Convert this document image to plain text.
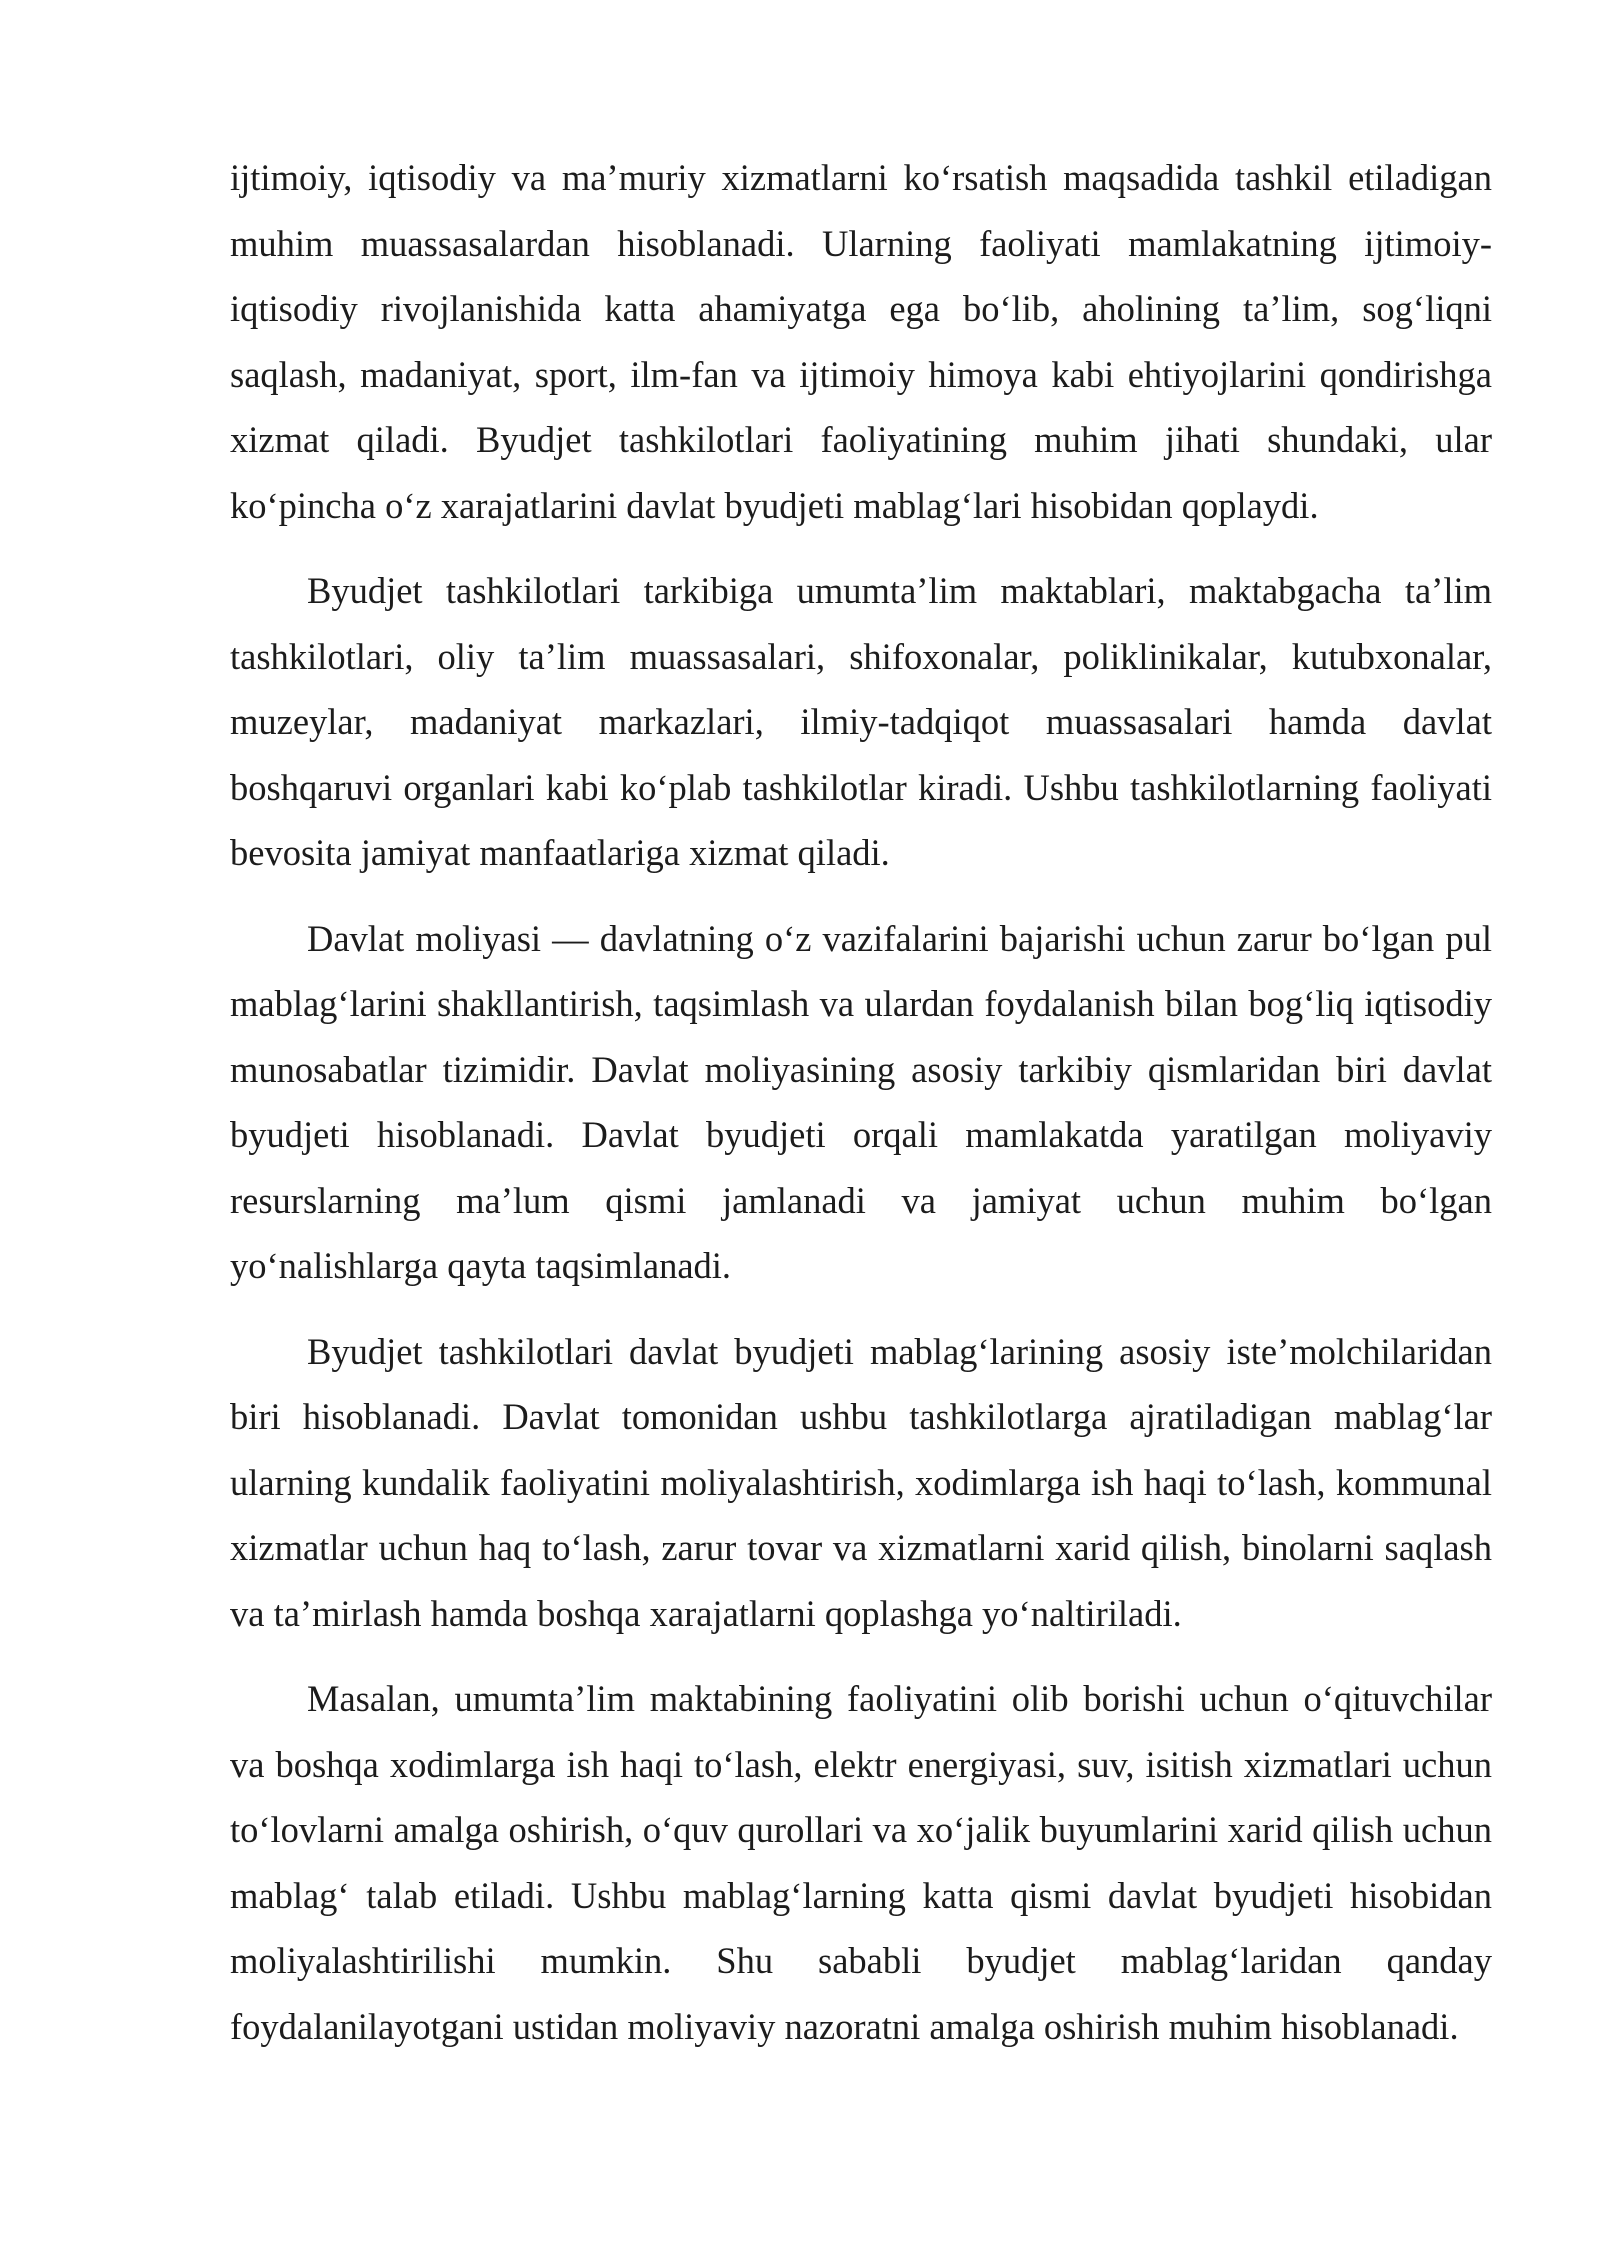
ijtimoiy, iqtisodiy va ma’muriy xizmatlarni ko‘rsatish maqsadida tashkil etiladigan muhim muassasalardan hisoblanadi. Ularning faoliyati mamlakatning ijtimoiy-iqtisodiy rivojlanishida katta ahamiyatga ega bo‘lib, aholining ta’lim, sog‘liqni saqlash, madaniyat, sport, ilm-fan va ijtimoiy himoya kabi ehtiyojlarini qondirishga xizmat qiladi. Byudjet tashkilotlari faoliyatining muhim jihati shundaki, ular ko‘pincha o‘z xarajatlarini davlat byudjeti mablag‘lari hisobidan qoplaydi.

Byudjet tashkilotlari tarkibiga umumta’lim maktablari, maktabgacha ta’lim tashkilotlari, oliy ta’lim muassasalari, shifoxonalar, poliklinikalar, kutubxonalar, muzeylar, madaniyat markazlari, ilmiy-tadqiqot muassasalari hamda davlat boshqaruvi organlari kabi ko‘plab tashkilotlar kiradi. Ushbu tashkilotlarning faoliyati bevosita jamiyat manfaatlariga xizmat qiladi.

Davlat moliyasi — davlatning o‘z vazifalarini bajarishi uchun zarur bo‘lgan pul mablag‘larini shakllantirish, taqsimlash va ulardan foydalanish bilan bog‘liq iqtisodiy munosabatlar tizimidir. Davlat moliyasining asosiy tarkibiy qismlaridan biri davlat byudjeti hisoblanadi. Davlat byudjeti orqali mamlakatda yaratilgan moliyaviy resurslarning ma’lum qismi jamlanadi va jamiyat uchun muhim bo‘lgan yo‘nalishlarga qayta taqsimlanadi.

Byudjet tashkilotlari davlat byudjeti mablag‘larining asosiy iste’molchilaridan biri hisoblanadi. Davlat tomonidan ushbu tashkilotlarga ajratiladigan mablag‘lar ularning kundalik faoliyatini moliyalashtirish, xodimlarga ish haqi to‘lash, kommunal xizmatlar uchun haq to‘lash, zarur tovar va xizmatlarni xarid qilish, binolarni saqlash va ta’mirlash hamda boshqa xarajatlarni qoplashga yo‘naltiriladi.

Masalan, umumta’lim maktabining faoliyatini olib borishi uchun o‘qituvchilar va boshqa xodimlarga ish haqi to‘lash, elektr energiyasi, suv, isitish xizmatlari uchun to‘lovlarni amalga oshirish, o‘quv qurollari va xo‘jalik buyumlarini xarid qilish uchun mablag‘ talab etiladi. Ushbu mablag‘larning katta qismi davlat byudjeti hisobidan moliyalashtirilishi mumkin. Shu sababli byudjet mablag‘laridan qanday foydalanilayotgani ustidan moliyaviy nazoratni amalga oshirish muhim hisoblanadi.
